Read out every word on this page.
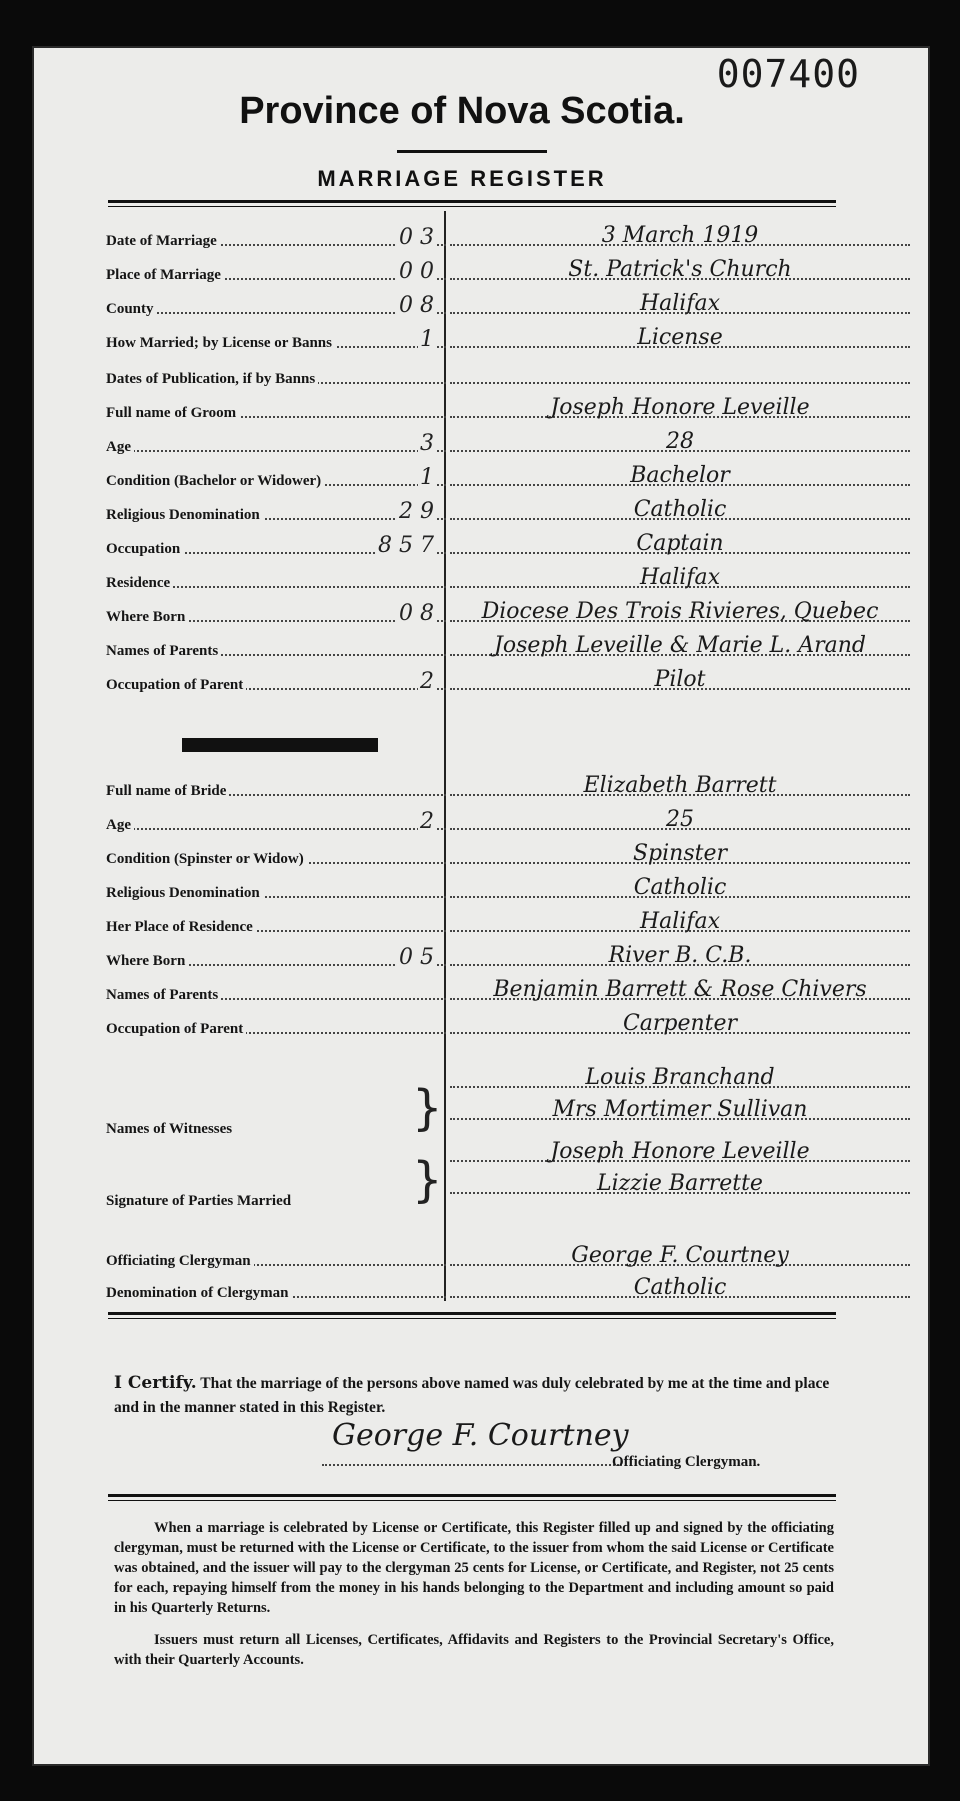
007400
Province of Nova Scotia.
MARRIAGE REGISTER
Date of Marriage	0 3	3 March 1919
Place of Marriage	0 0	St. Patrick's Church
County	0 8	Halifax
How Married; by License or Banns	1	License
Dates of Publication, if by Banns
Full name of Groom	Joseph Honore Leveille
Age	3	28
Condition (Bachelor or Widower)	1	Bachelor
Religious Denomination	2 9	Catholic
Occupation	8 5 7	Captain
Residence	Halifax
Where Born	0 8	Diocese Des Trois Rivieres, Quebec
Names of Parents	Joseph Leveille & Marie L. Arand
Occupation of Parent	2	Pilot
Full name of Bride	Elizabeth Barrett
Age	2	25
Condition (Spinster or Widow)	Spinster
Religious Denomination	Catholic
Her Place of Residence	Halifax
Where Born	0 5	River B. C.B.
Names of Parents	Benjamin Barrett & Rose Chivers
Occupation of Parent	Carpenter
Names of Witnesses	}
Louis Branchand
Mrs Mortimer Sullivan
Signature of Parties Married	}
Joseph Honore Leveille
Lizzie Barrette
Officiating Clergyman	George F. Courtney
Denomination of Clergyman	Catholic
I Certify. That the marriage of the persons above named was duly celebrated by me at the time and place and in the manner stated in this Register.
George F. Courtney
Officiating Clergyman.

When a marriage is celebrated by License or Certificate, this Register filled up and signed by the officiating clergyman, must be returned with the License or Certificate, to the issuer from whom the said License or Certificate was obtained, and the issuer will pay to the clergyman 25 cents for License, or Certificate, and Register, not 25 cents for each, repaying himself from the money in his hands belonging to the Department and including amount so paid in his Quarterly Returns.

Issuers must return all Licenses, Certificates, Affidavits and Registers to the Provincial Secretary's Office, with their Quarterly Accounts.
